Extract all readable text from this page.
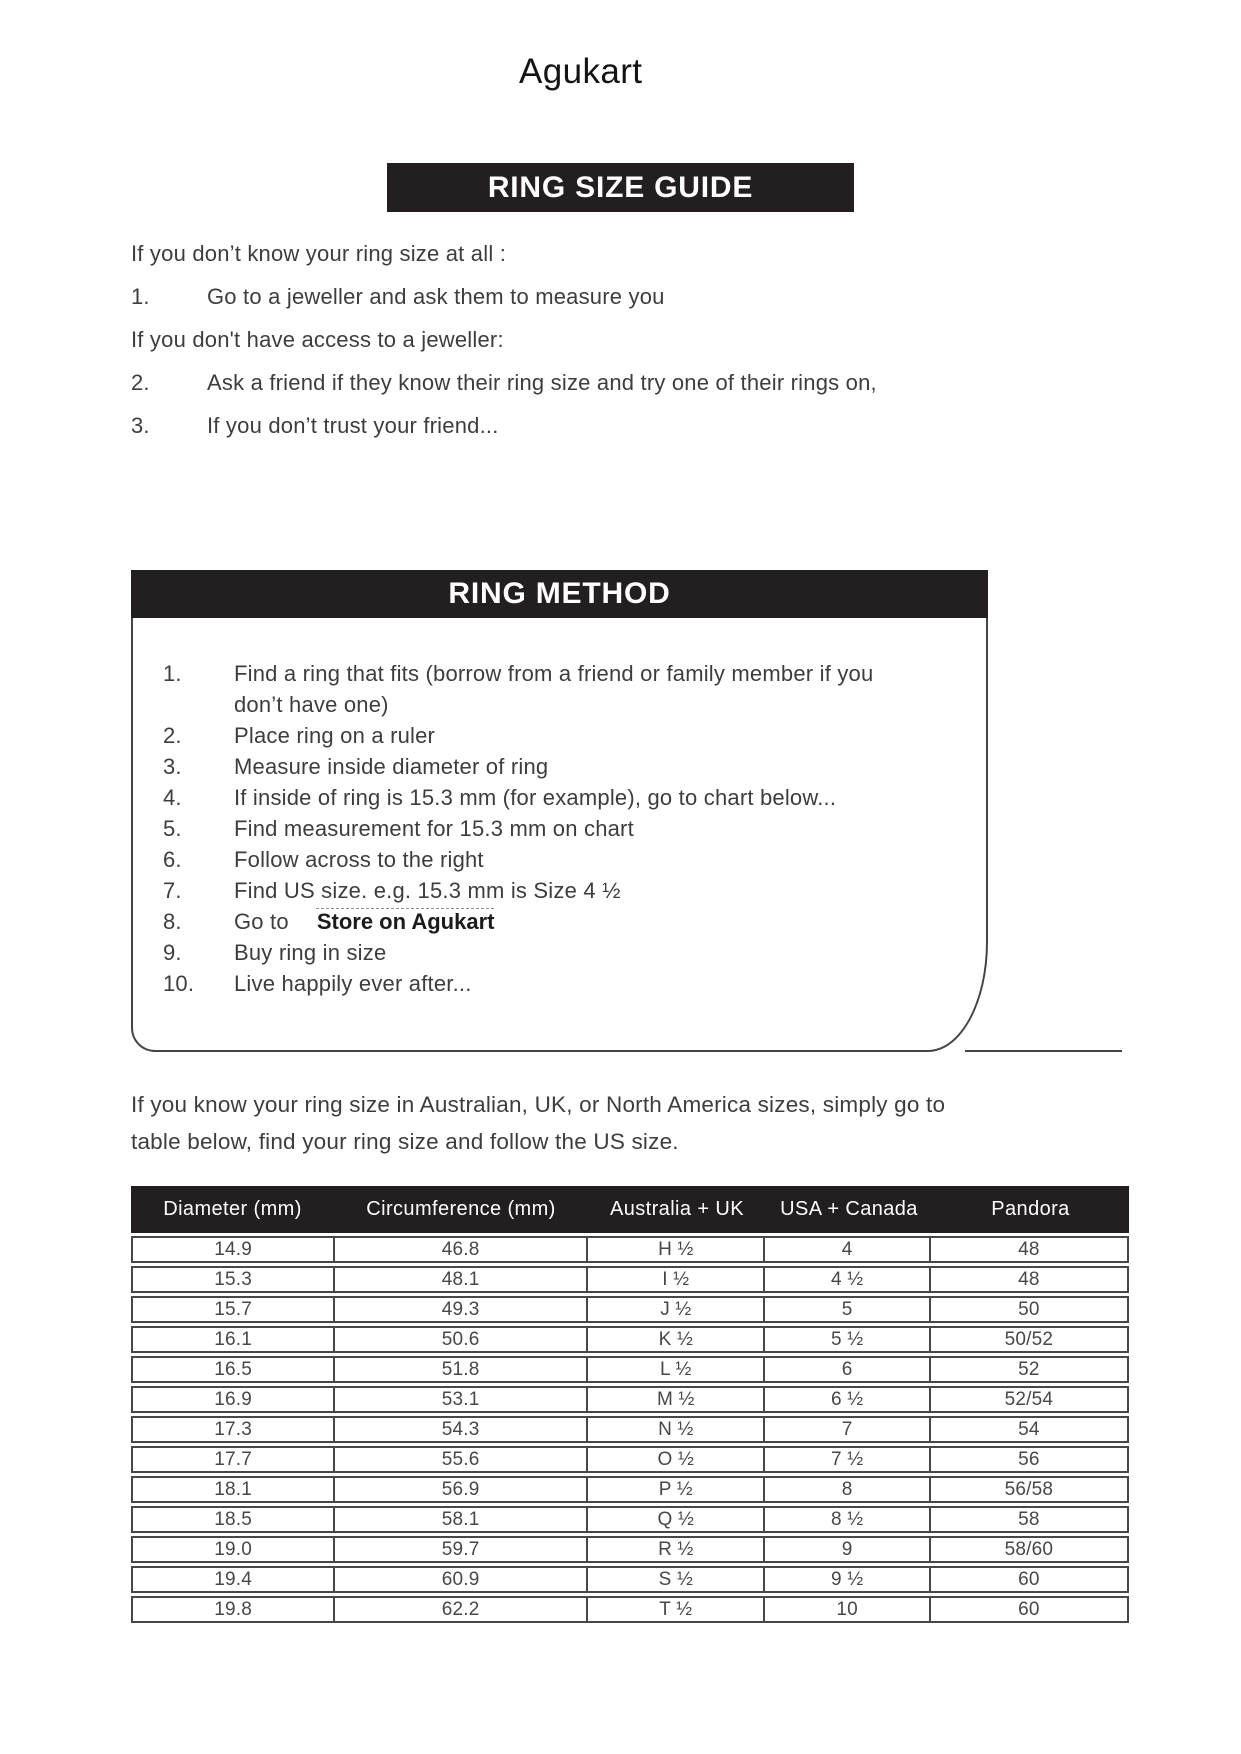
Agukart
RING SIZE GUIDE
If you don’t know your ring size at all :
1.	Go to a jeweller and ask them to measure you
If you don't have access to a jeweller:
2.	Ask a friend if they know their ring size and try one of their rings on,
3.	If you don’t trust your friend...
RING METHOD
1.	Find a ring that fits (borrow from a friend or family member if you
don’t have one)
2.	Place ring on a ruler
3.	Measure inside diameter of ring
4.	If inside of ring is 15.3 mm (for example), go to chart below...
5.	Find measurement for 15.3 mm on chart
6.	Follow across to the right
7.	Find US size. e.g. 15.3 mm is Size 4 ½
8.	Go to Store on Agukart
9.	Buy ring in size
10.	Live happily ever after...
If you know your ring size in Australian, UK, or North America sizes, simply go to
table below, find your ring size and follow the US size.
Diameter (mm)	Circumference (mm)	Australia + UK	USA + Canada	Pandora
14.9	46.8	H ½	4	48
15.3	48.1	I ½	4 ½	48
15.7	49.3	J ½	5	50
16.1	50.6	K ½	5 ½	50/52
16.5	51.8	L ½	6	52
16.9	53.1	M ½	6 ½	52/54
17.3	54.3	N ½	7	54
17.7	55.6	O ½	7 ½	56
18.1	56.9	P ½	8	56/58
18.5	58.1	Q ½	8 ½	58
19.0	59.7	R ½	9	58/60
19.4	60.9	S ½	9 ½	60
19.8	62.2	T ½	10	60
